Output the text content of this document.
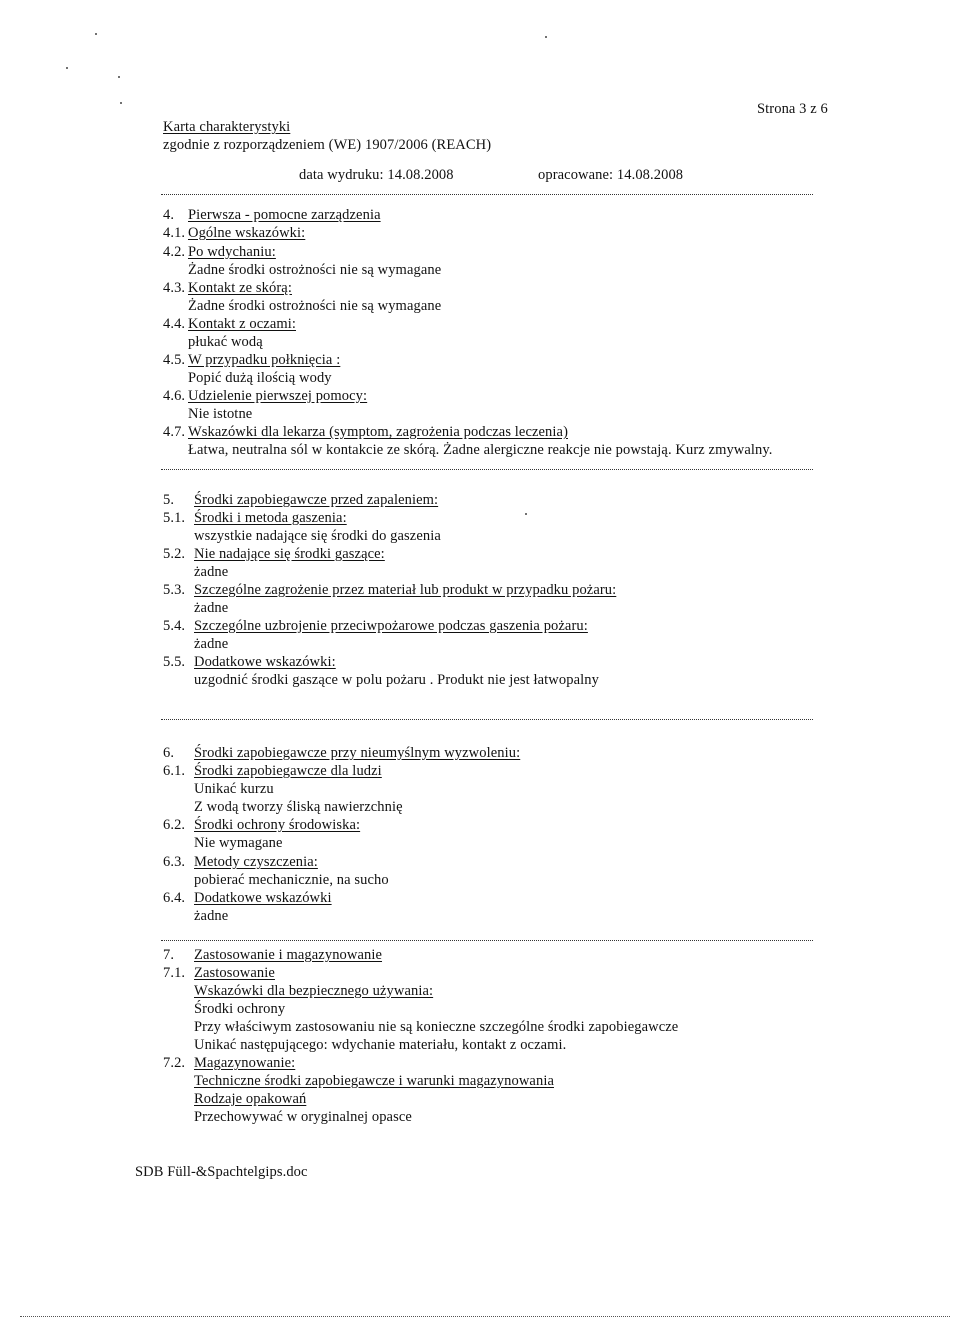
Karta charakterystyki
zgodnie z rozporządzeniem (WE) 1907/2006 (REACH)
Strona 3 z 6
data wydruku: 14.08.2008	opracowane: 14.08.2008
4. Pierwsza - pomocne zarządzenia
4.1. Ogólne wskazówki:
4.2. Po wdychaniu:
Żadne środki ostrożności nie są wymagane
4.3. Kontakt ze skórą:
Żadne środki ostrożności nie są wymagane
4.4. Kontakt z oczami:
płukać wodą
4.5. W przypadku połknięcia :
Popić dużą ilością wody
4.6. Udzielenie pierwszej pomocy:
Nie istotne
4.7. Wskazówki dla lekarza (symptom, zagrożenia podczas leczenia)
Łatwa, neutralna sól w kontakcie ze skórą. Żadne alergiczne reakcje nie powstają. Kurz zmywalny.
5. Środki zapobiegawcze przed zapaleniem:
5.1. Środki i metoda gaszenia:
wszystkie nadające się środki do gaszenia
5.2. Nie nadające się środki gaszące:
żadne
5.3. Szczególne zagrożenie przez materiał lub produkt w przypadku pożaru:
żadne
5.4. Szczególne uzbrojenie przeciwpożarowe podczas gaszenia pożaru:
żadne
5.5. Dodatkowe wskazówki:
uzgodnić środki gaszące w polu pożaru . Produkt nie jest łatwopalny
6. Środki zapobiegawcze przy nieumyślnym wyzwoleniu:
6.1. Środki zapobiegawcze dla ludzi
Unikać kurzu
Z wodą tworzy śliską nawierzchnię
6.2. Środki ochrony środowiska:
Nie wymagane
6.3. Metody czyszczenia:
pobierać mechanicznie, na sucho
6.4. Dodatkowe wskazówki
żadne
7. Zastosowanie i magazynowanie
7.1. Zastosowanie
Wskazówki dla bezpiecznego używania:
Środki ochrony
Przy właściwym zastosowaniu nie są konieczne szczególne środki zapobiegawcze
Unikać następującego: wdychanie materiału, kontakt z oczami.
7.2. Magazynowanie:
Techniczne środki zapobiegawcze i warunki magazynowania
Rodzaje opakowań
Przechowywać w oryginalnej opasce
SDB Füll-&Spachtelgips.doc
